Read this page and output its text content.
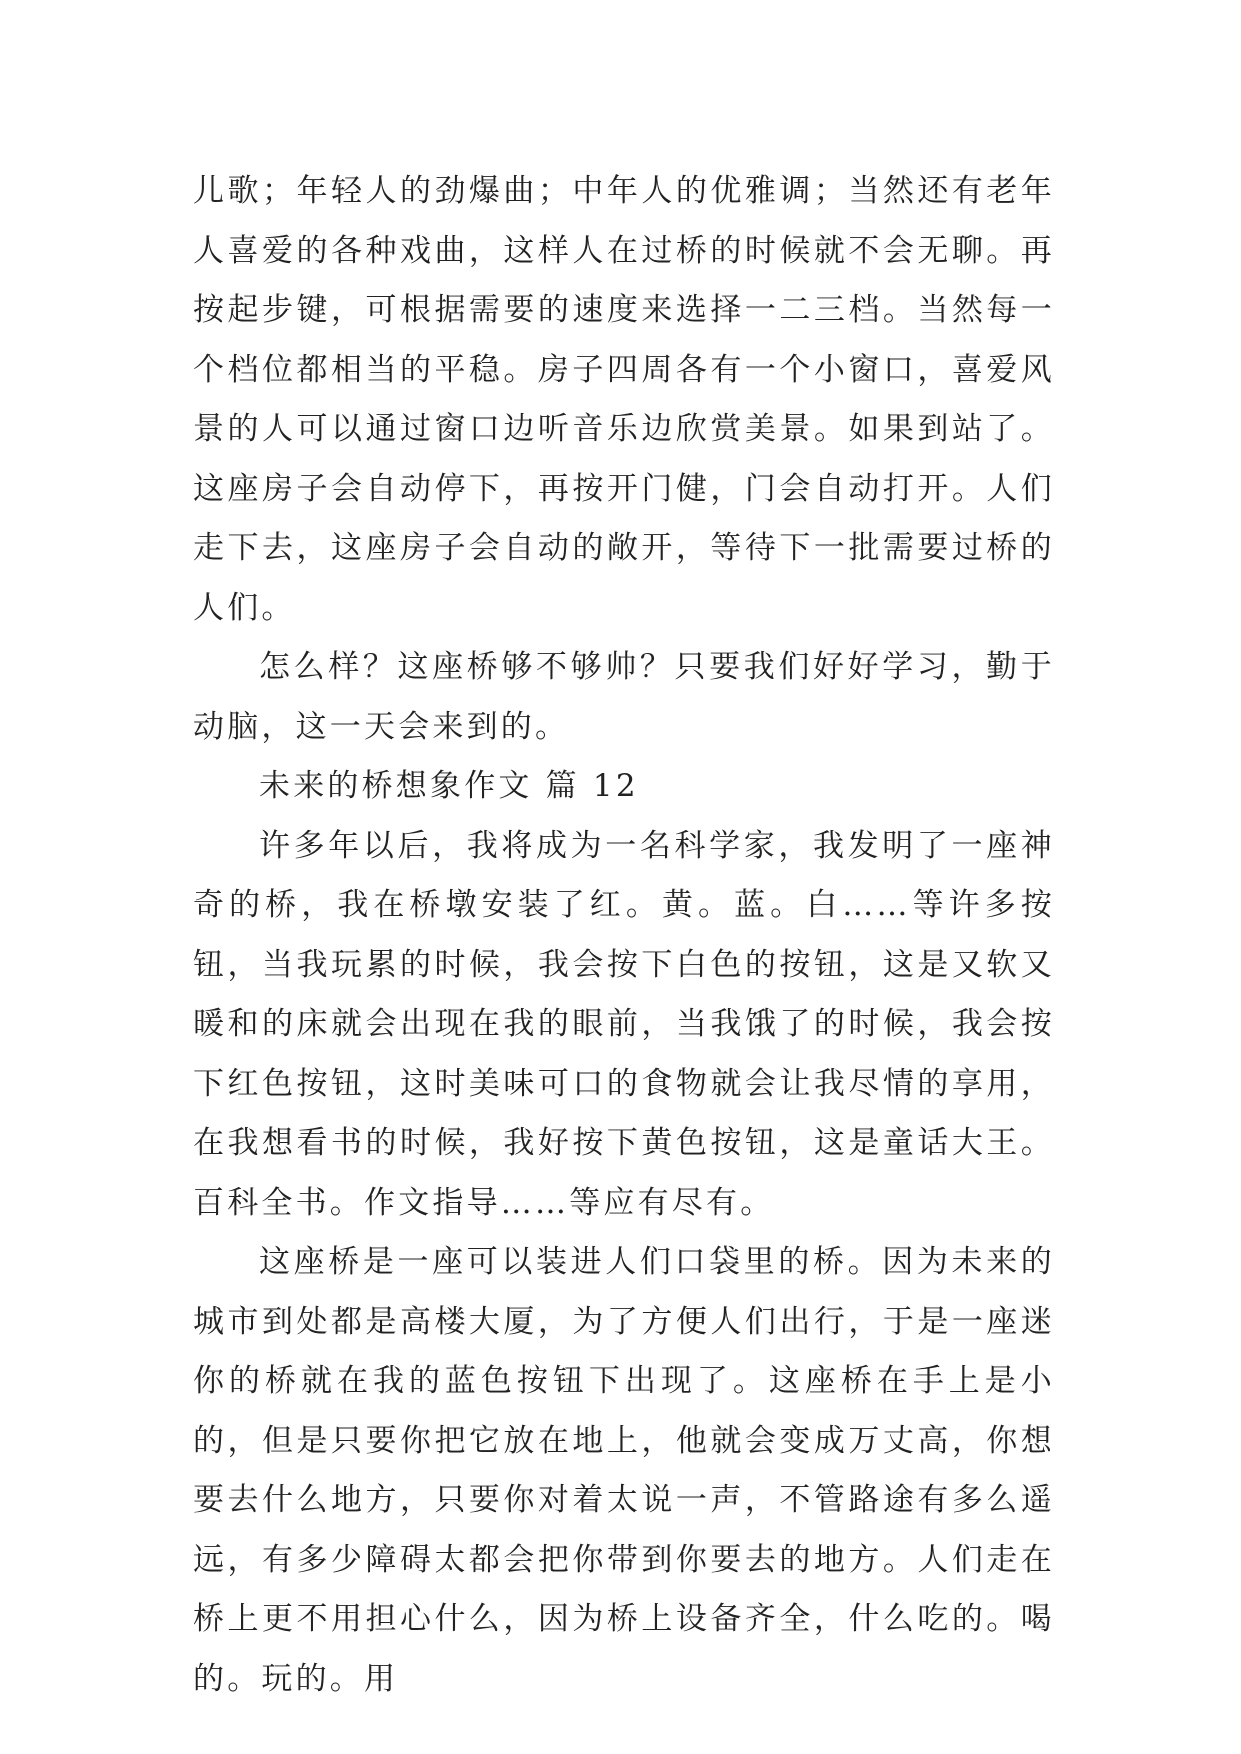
儿歌；年轻人的劲爆曲；中年人的优雅调；当然还有老年人喜爱的各种戏曲，这样人在过桥的时候就不会无聊。再按起步键，可根据需要的速度来选择一二三档。当然每一个档位都相当的平稳。房子四周各有一个小窗口，喜爱风景的人可以通过窗口边听音乐边欣赏美景。如果到站了。这座房子会自动停下，再按开门健，门会自动打开。人们走下去，这座房子会自动的敞开，等待下一批需要过桥的人们。

怎么样？这座桥够不够帅？只要我们好好学习，勤于动脑，这一天会来到的。

未来的桥想象作文 篇 12

许多年以后，我将成为一名科学家，我发明了一座神奇的桥，我在桥墩安装了红。黄。蓝。白……等许多按钮，当我玩累的时候，我会按下白色的按钮，这是又软又暖和的床就会出现在我的眼前，当我饿了的时候，我会按下红色按钮，这时美味可口的食物就会让我尽情的享用，在我想看书的时候，我好按下黄色按钮，这是童话大王。百科全书。作文指导……等应有尽有。

这座桥是一座可以装进人们口袋里的桥。因为未来的城市到处都是高楼大厦，为了方便人们出行，于是一座迷你的桥就在我的蓝色按钮下出现了。这座桥在手上是小的，但是只要你把它放在地上，他就会变成万丈高，你想要去什么地方，只要你对着太说一声，不管路途有多么遥远，有多少障碍太都会把你带到你要去的地方。人们走在桥上更不用担心什么，因为桥上设备齐全，什么吃的。喝的。玩的。用
